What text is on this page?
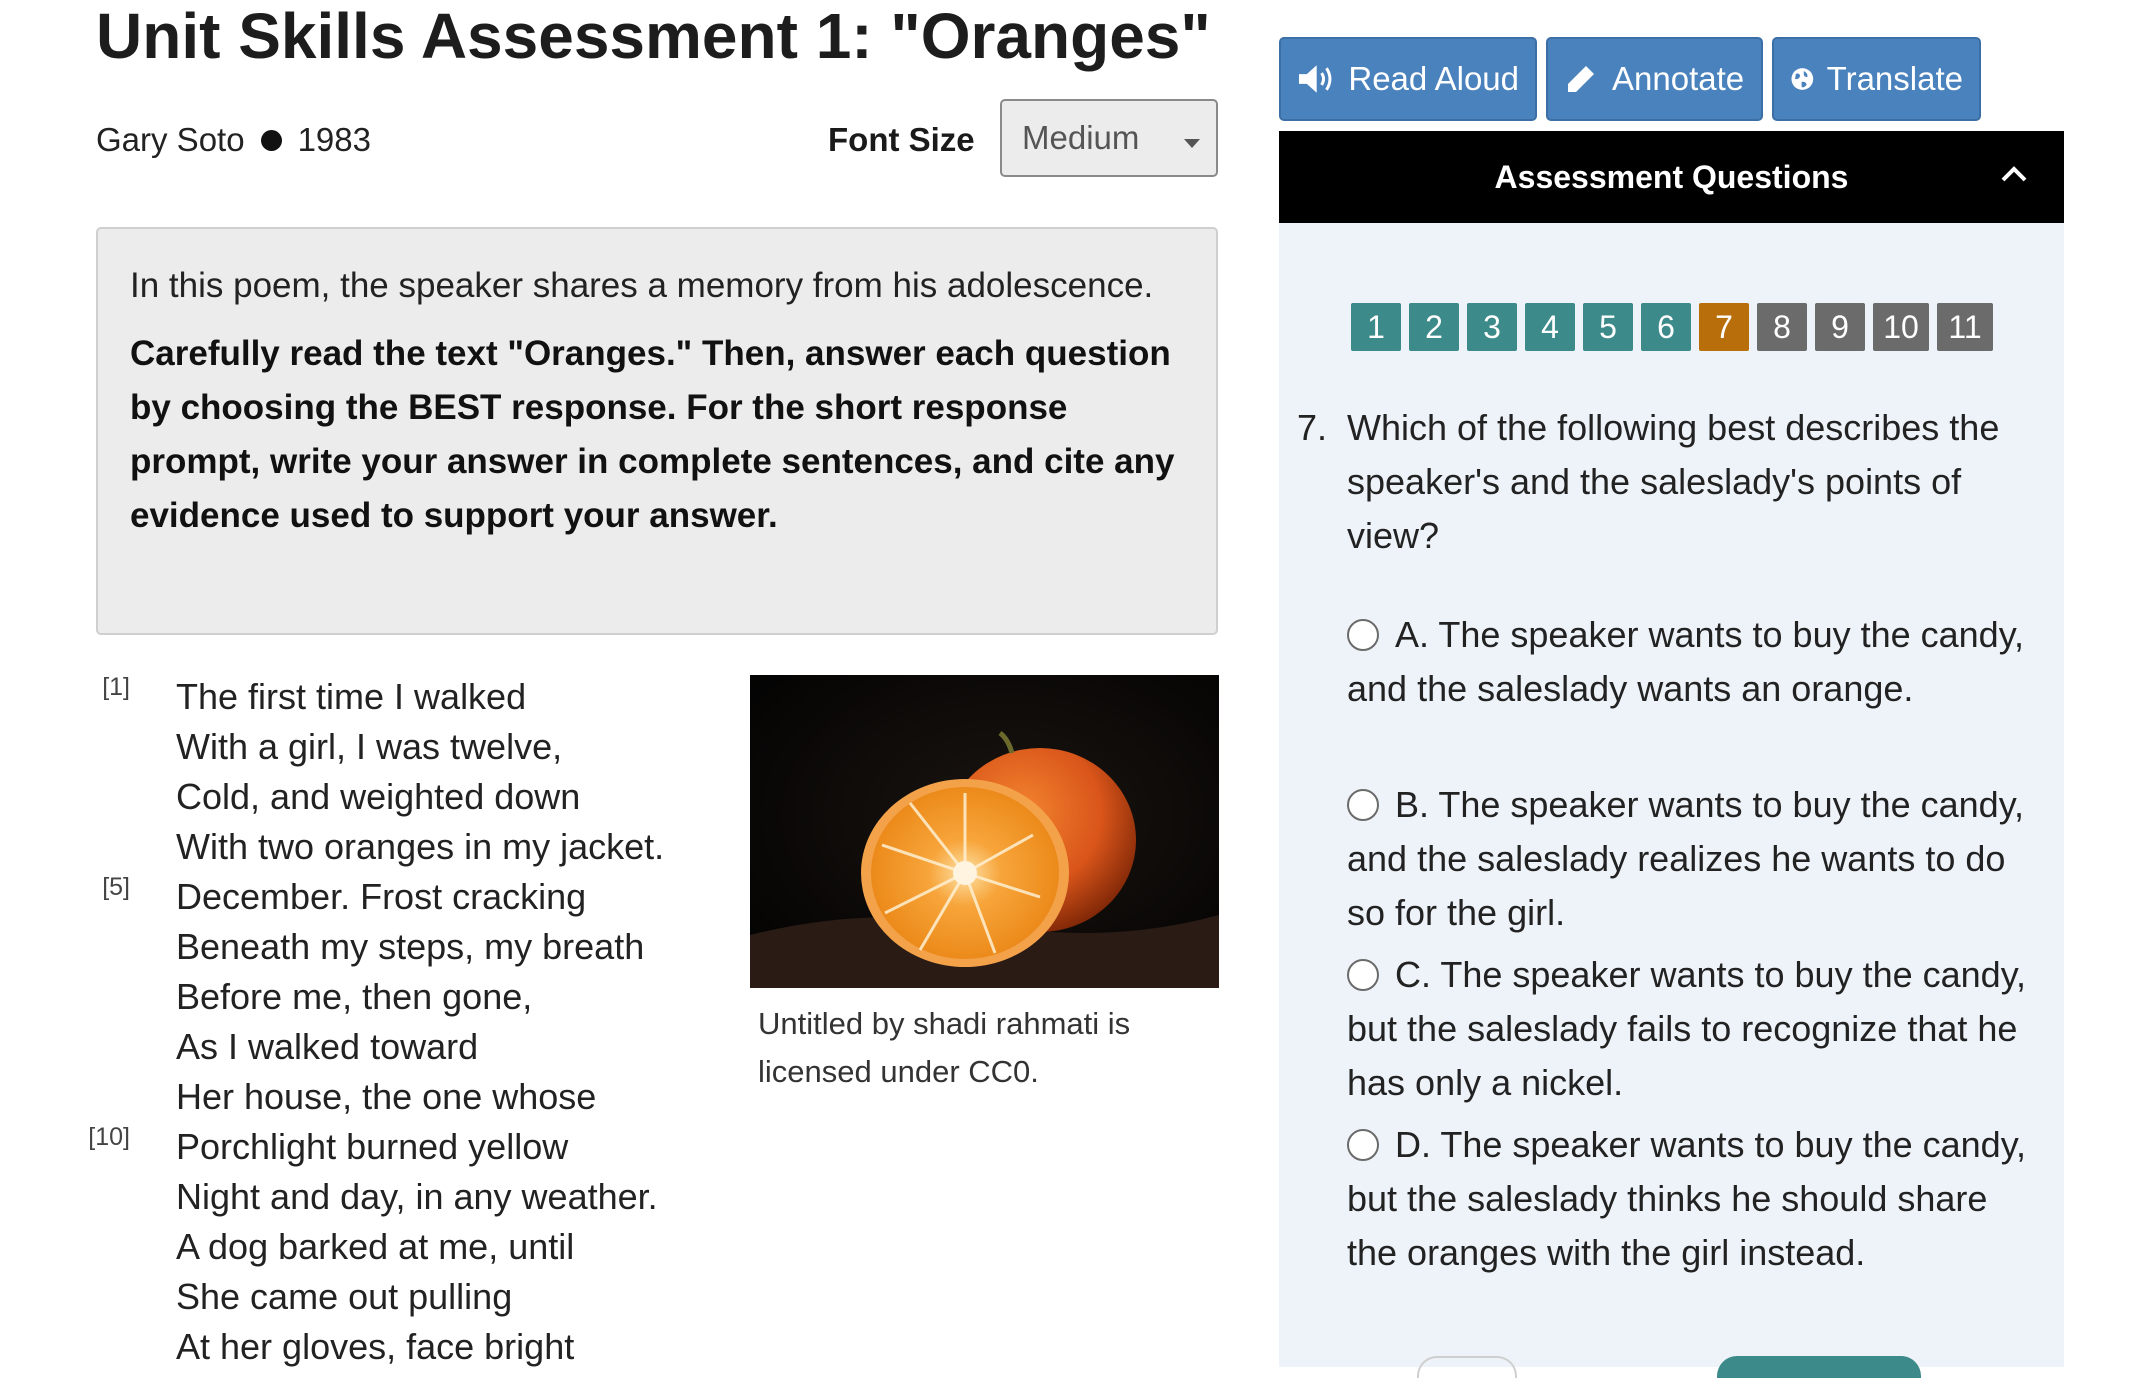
Unit Skills Assessment 1: "Oranges"
Gary Soto 1983	Font Size	Medium

In this poem, the speaker shares a memory from his adolescence.

Carefully read the text "Oranges." Then, answer each question by choosing the BEST response. For the short response prompt, write your answer in complete sentences, and cite any evidence used to support your answer.

[1] The first time I walked
With a girl, I was twelve,
Cold, and weighted down
With two oranges in my jacket.
[5] December. Frost cracking
Beneath my steps, my breath
Before me, then gone,
As I walked toward
Her house, the one whose
[10] Porchlight burned yellow
Night and day, in any weather.
A dog barked at me, until
She came out pulling
At her gloves, face bright
Untitled by shadi rahmati is licensed under CC0.
Read Aloud	Annotate	Translate
Assessment Questions
1	2	3	4	5	6	7	8	9	10 11
7. Which of the following best describes the speaker's and the saleslady's points of view?
A. The speaker wants to buy the candy, and the saleslady wants an orange.
B. The speaker wants to buy the candy, and the saleslady realizes he wants to do so for the girl.
C. The speaker wants to buy the candy, but the saleslady fails to recognize that he has only a nickel.
D. The speaker wants to buy the candy, but the saleslady thinks he should share the oranges with the girl instead.
